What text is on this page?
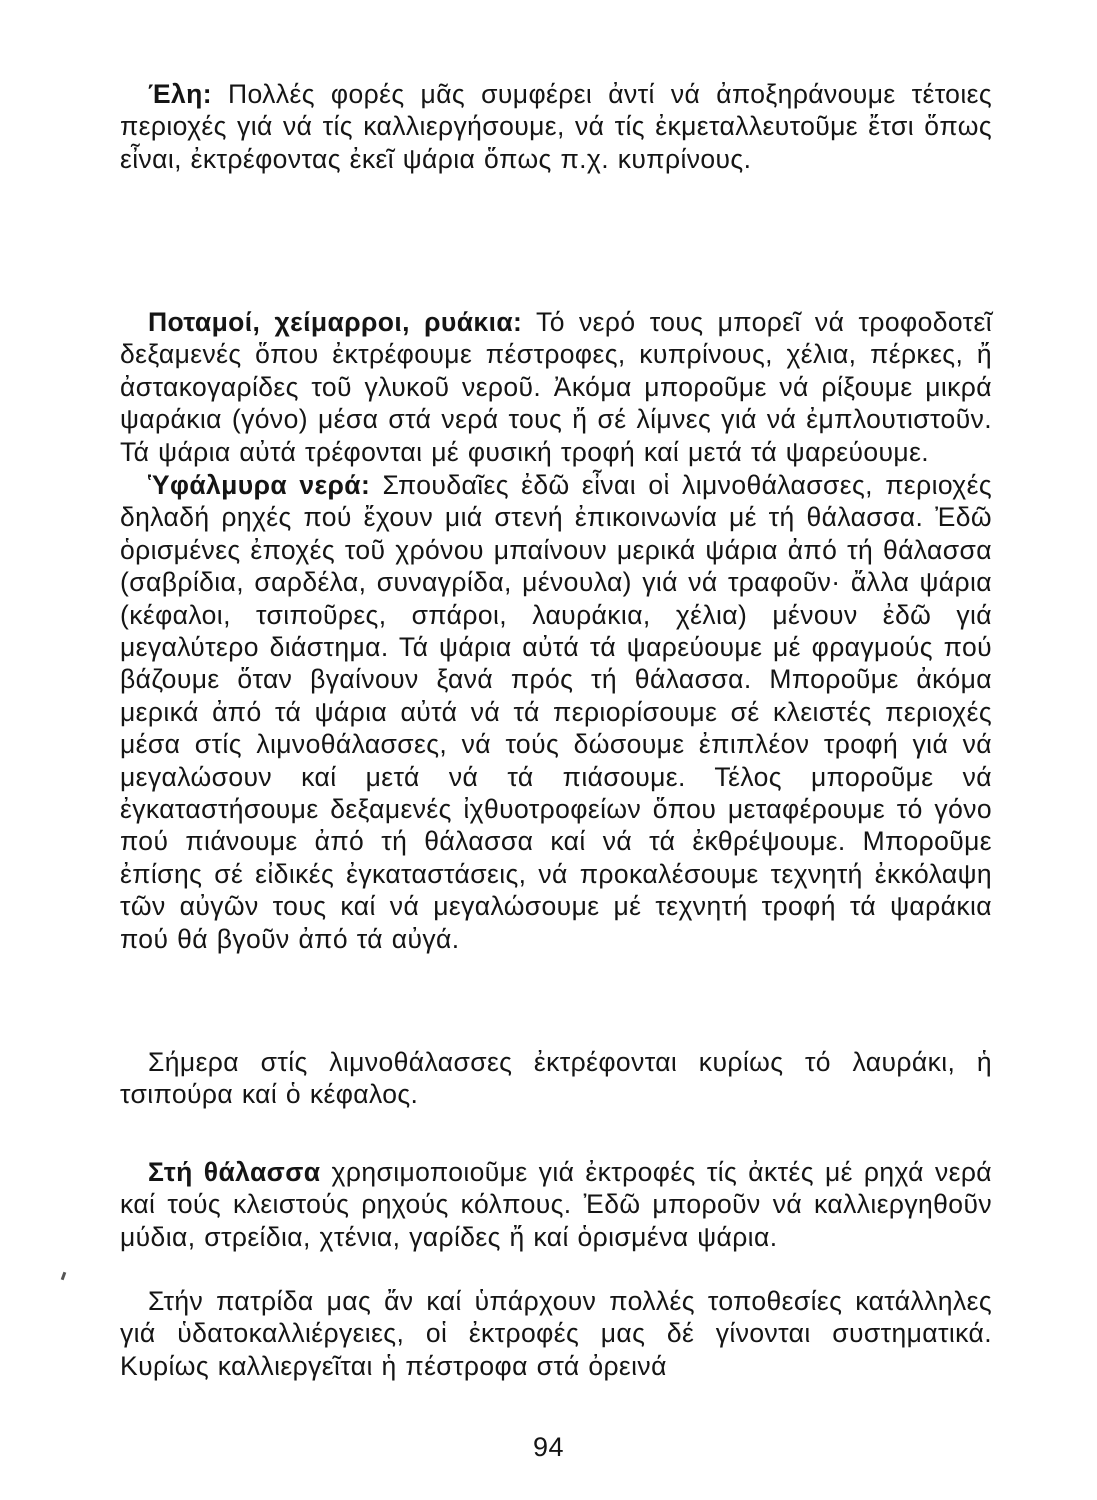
Έλη: Πολλές φορές μᾶς συμφέρει ἀντί νά ἀποξηράνουμε τέτοιες περιοχές γιά νά τίς καλλιεργήσουμε, νά τίς ἐκμεταλλευτοῦμε ἔτσι ὅπως εἶναι, ἐκτρέφοντας ἐκεῖ ψάρια ὅπως π.χ. κυπρίνους.

Ποταμοί, χείμαρροι, ρυάκια: Τό νερό τους μπορεῖ νά τροφοδοτεῖ δεξαμενές ὅπου ἐκτρέφουμε πέστροφες, κυπρίνους, χέλια, πέρκες, ἤ ἀστακογαρίδες τοῦ γλυκοῦ νεροῦ. Ἀκόμα μποροῦμε νά ρίξουμε μικρά ψαράκια (γόνο) μέσα στά νερά τους ἤ σέ λίμνες γιά νά ἐμπλουτιστοῦν. Τά ψάρια αὐτά τρέφονται μέ φυσική τροφή καί μετά τά ψαρεύουμε.

Ὑφάλμυρα νερά: Σπουδαῖες ἐδῶ εἶναι οἱ λιμνοθάλασσες, περιοχές δηλαδή ρηχές πού ἔχουν μιά στενή ἐπικοινωνία μέ τή θάλασσα. Ἐδῶ ὁρισμένες ἐποχές τοῦ χρόνου μπαίνουν μερικά ψάρια ἀπό τή θάλασσα (σαβρίδια, σαρδέλα, συναγρίδα, μένουλα) γιά νά τραφοῦν· ἄλλα ψάρια (κέφαλοι, τσιποῦρες, σπάροι, λαυράκια, χέλια) μένουν ἐδῶ γιά μεγαλύτερο διάστημα. Τά ψάρια αὐτά τά ψαρεύουμε μέ φραγμούς πού βάζουμε ὅταν βγαίνουν ξανά πρός τή θάλασσα. Μποροῦμε ἀκόμα μερικά ἀπό τά ψάρια αὐτά νά τά περιορίσουμε σέ κλειστές περιοχές μέσα στίς λιμνοθάλασσες, νά τούς δώσουμε ἐπιπλέον τροφή γιά νά μεγαλώσουν καί μετά νά τά πιάσουμε. Τέλος μποροῦμε νά ἐγκαταστήσουμε δεξαμενές ἰχθυοτροφείων ὅπου μεταφέρουμε τό γόνο πού πιάνουμε ἀπό τή θάλασσα καί νά τά ἐκθρέψουμε. Μποροῦμε ἐπίσης σέ εἰδικές ἐγκαταστάσεις, νά προκαλέσουμε τεχνητή ἐκκόλαψη τῶν αὐγῶν τους καί νά μεγαλώσουμε μέ τεχνητή τροφή τά ψαράκια πού θά βγοῦν ἀπό τά αὐγά.

Σήμερα στίς λιμνοθάλασσες ἐκτρέφονται κυρίως τό λαυράκι, ἡ τσιπούρα καί ὁ κέφαλος.

Στή θάλασσα χρησιμοποιοῦμε γιά ἐκτροφές τίς ἀκτές μέ ρηχά νερά καί τούς κλειστούς ρηχούς κόλπους. Ἐδῶ μποροῦν νά καλλιεργηθοῦν μύδια, στρείδια, χτένια, γαρίδες ἤ καί ὁρισμένα ψάρια.

Στήν πατρίδα μας ἄν καί ὑπάρχουν πολλές τοποθεσίες κατάλληλες γιά ὑδατοκαλλιέργειες, οἱ ἐκτροφές μας δέ γίνονται συστηματικά. Κυρίως καλλιεργεῖται ἡ πέστροφα στά ὀρεινά

94
